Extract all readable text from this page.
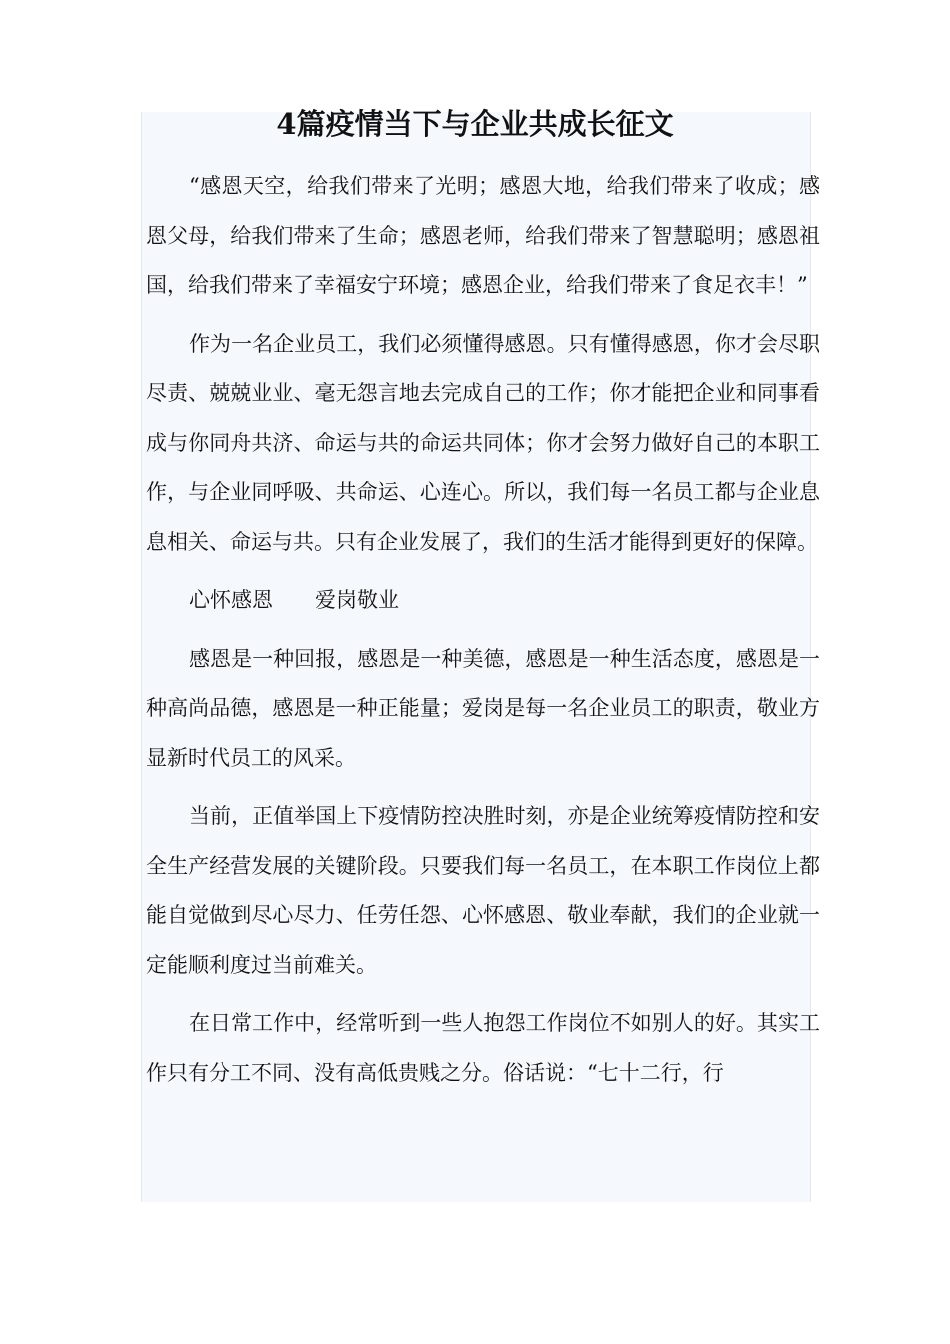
4篇疫情当下与企业共成长征文

“感恩天空，给我们带来了光明；感恩大地，给我们带来了收成；感恩父母，给我们带来了生命；感恩老师，给我们带来了智慧聪明；感恩祖国，给我们带来了幸福安宁环境；感恩企业，给我们带来了食足衣丰！”

作为一名企业员工，我们必须懂得感恩。只有懂得感恩，你才会尽职尽责、兢兢业业、毫无怨言地去完成自己的工作；你才能把企业和同事看成与你同舟共济、命运与共的命运共同体；你才会努力做好自己的本职工作，与企业同呼吸、共命运、心连心。所以，我们每一名员工都与企业息息相关、命运与共。只有企业发展了，我们的生活才能得到更好的保障。

心怀感恩　　爱岗敬业

感恩是一种回报，感恩是一种美德，感恩是一种生活态度，感恩是一种高尚品德，感恩是一种正能量；爱岗是每一名企业员工的职责，敬业方显新时代员工的风采。

当前，正值举国上下疫情防控决胜时刻，亦是企业统筹疫情防控和安全生产经营发展的关键阶段。只要我们每一名员工，在本职工作岗位上都能自觉做到尽心尽力、任劳任怨、心怀感恩、敬业奉献，我们的企业就一定能顺利度过当前难关。

在日常工作中，经常听到一些人抱怨工作岗位不如别人的好。其实工作只有分工不同、没有高低贵贱之分。俗话说：“七十二行，行
